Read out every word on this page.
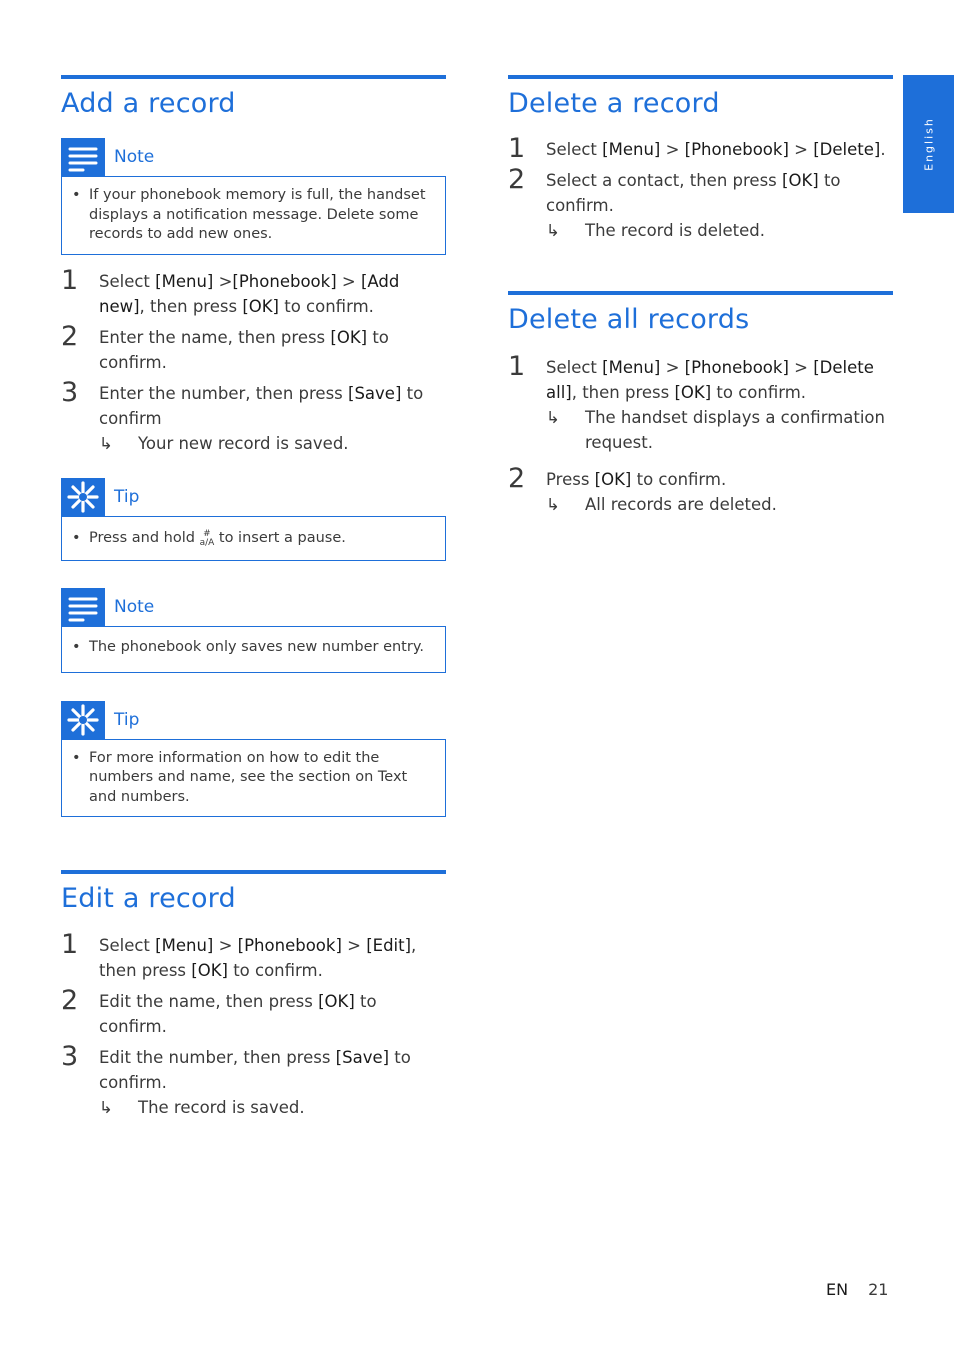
English
Add a record
Note
• If your phonebook memory is full, the handset displays a notification message. Delete some records to add new ones.
1 Select [Menu] >[Phonebook] > [Add new], then press [OK] to confirm.
2 Enter the name, then press [OK] to confirm.
3 Enter the number, then press [Save] to confirm
↳ Your new record is saved.
Tip
• Press and hold #
a/A to insert a pause.
Note
• The phonebook only saves new number entry.
Tip
• For more information on how to edit the numbers and name, see the section on Text and numbers.
Edit a record
1 Select [Menu] > [Phonebook] > [Edit], then press [OK] to confirm.
2 Edit the name, then press [OK] to confirm.
3 Edit the number, then press [Save] to confirm.
↳ The record is saved.
Delete a record
1 Select [Menu] > [Phonebook] > [Delete].
2 Select a contact, then press [OK] to confirm.
↳ The record is deleted.
Delete all records
1 Select [Menu] > [Phonebook] > [Delete all], then press [OK] to confirm.
↳ The handset displays a confirmation request.
2 Press [OK] to confirm.
↳ All records are deleted.
EN 21
